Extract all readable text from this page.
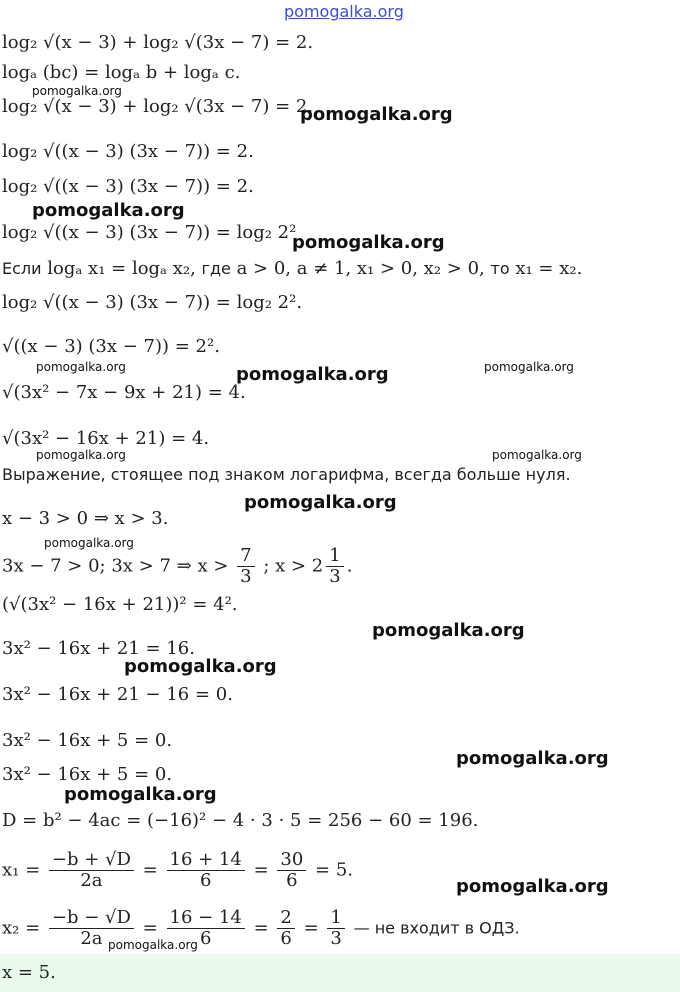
pomogalka.org
log₂ √(x − 3) + log₂ √(3x − 7) = 2.
logₐ (bc) = logₐ b + logₐ c.
log₂ √(x − 3) + log₂ √(3x − 7) = 2.
log₂ √((x − 3) (3x − 7)) = 2.
log₂ √((x − 3) (3x − 7)) = 2.
log₂ √((x − 3) (3x − 7)) = log₂ 2²
Если logₐ x₁ = logₐ x₂, где a > 0, a ≠ 1, x₁ > 0, x₂ > 0, то x₁ = x₂.
log₂ √((x − 3) (3x − 7)) = log₂ 2².
√((x − 3) (3x − 7)) = 2².
√(3x² − 7x − 9x + 21) = 4.
√(3x² − 16x + 21) = 4.
Выражение, стоящее под знаком логарифма, всегда больше нуля.
x − 3 > 0 ⇒ x > 3.
3x − 7 > 0; 3x > 7 ⇒ $x > \frac{7}{3}$ ; $x > 2 \frac{1}{3}$ .
(√(3x² − 16x + 21))² = 4².
3x² − 16x + 21 = 16.
3x² − 16x + 21 − 16 = 0.
3x² − 16x + 5 = 0.
3x² − 16x + 5 = 0.
D = b² − 4ac = (−16)² − 4 · 3 · 5 = 256 − 60 = 196.
$x_1 = \frac{-b + √D}{2a} = \frac{16 + 14}{6} = \frac{30}{6} = 5$.
$x_2 = \frac{-b - √D}{2a} = \frac{16 - 14}{6} = \frac{2}{6} = \frac{1}{3}$ — не входит в ОДЗ.
x = 5.
pomogalka.org
pomogalka.org
pomogalka.org
pomogalka.org
pomogalka.org	pomogalka.org	pomogalka.org
pomogalka.org	pomogalka.org
pomogalka.org
pomogalka.org
pomogalka.org
pomogalka.org
pomogalka.org
pomogalka.org
pomogalka.org
pomogalka.org
